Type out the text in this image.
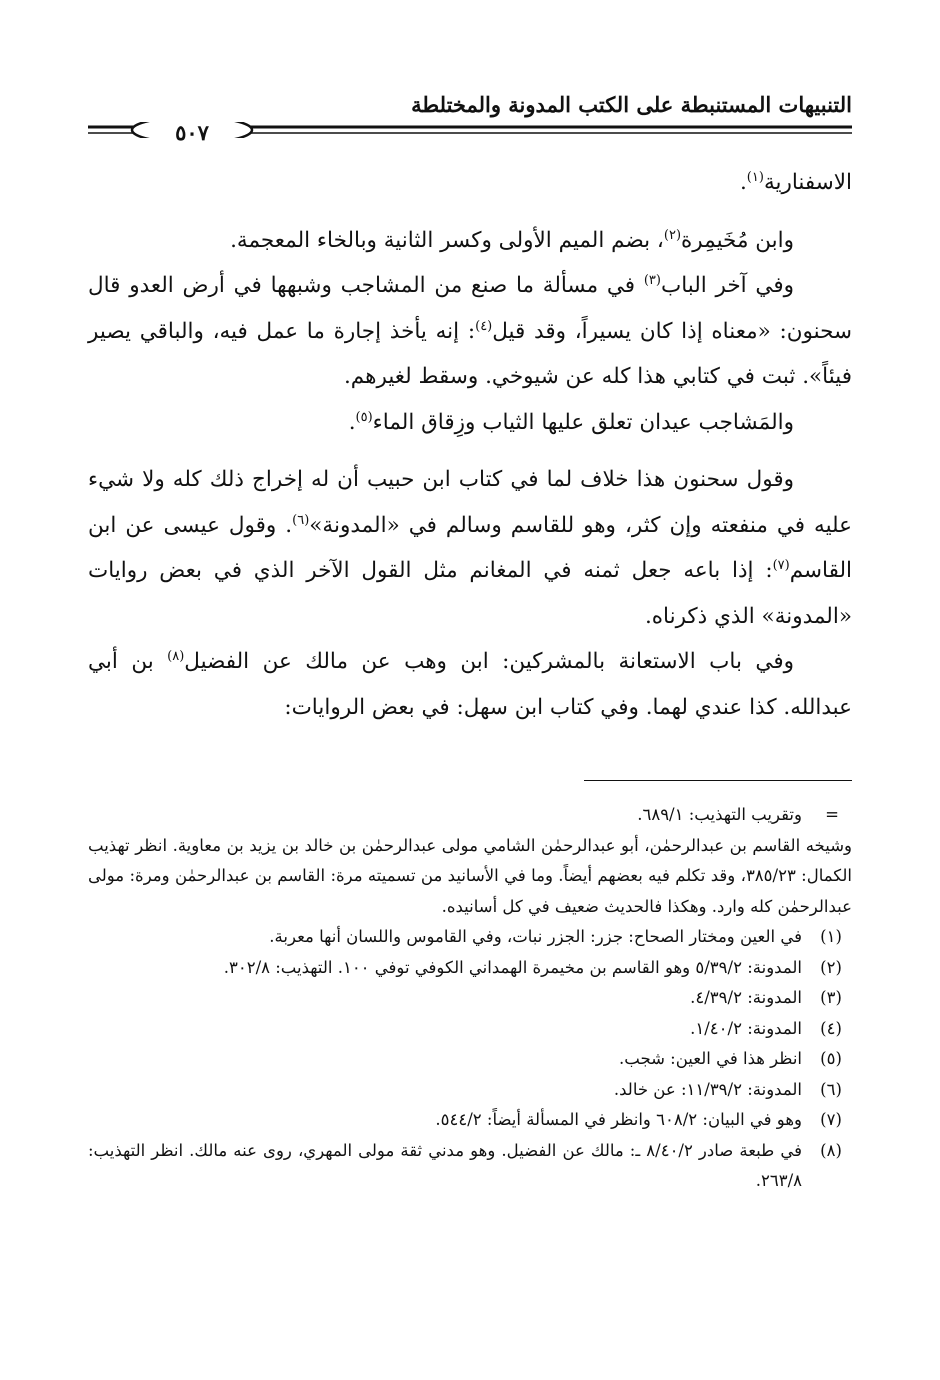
التنبيهات المستنبطة على الكتب المدونة والمختلطة
٥٠٧

الاسفنارية$^{(١)}$.

وابن مُخَيمِرة$^{(٢)}$، بضم الميم الأولى وكسر الثانية وبالخاء المعجمة.

وفي آخر الباب$^{(٣)}$ في مسألة ما صنع من المشاجب وشبهها في أرض العدو قال سحنون: «معناه إذا كان يسيراً، وقد قيل$^{(٤)}$: إنه يأخذ إجارة ما عمل فيه، والباقي يصير فيئاً». ثبت في كتابي هذا كله عن شيوخي. وسقط لغيرهم.

والمَشاجب عيدان تعلق عليها الثياب وزِقاق الماء$^{(٥)}$.

وقول سحنون هذا خلاف لما في كتاب ابن حبيب أن له إخراج ذلك كله ولا شيء عليه في منفعته وإن كثر، وهو للقاسم وسالم في «المدونة»$^{(٦)}$. وقول عيسى عن ابن القاسم$^{(٧)}$: إذا باعه جعل ثمنه في المغانم مثل القول الآخر الذي في بعض روايات «المدونة» الذي ذكرناه.

وفي باب الاستعانة بالمشركين: ابن وهب عن مالك عن الفضيل$^{(٨)}$ بن أبي عبدالله. كذا عندي لهما. وفي كتاب ابن سهل: في بعض الروايات:

=
وتقريب التهذيب: ٦٨٩/١.
وشيخه القاسم بن عبدالرحمٰن، أبو عبدالرحمٰن الشامي مولى عبدالرحمٰن بن خالد بن يزيد بن معاوية. انظر تهذيب الكمال: ٣٨٥/٢٣، وقد تكلم فيه بعضهم أيضاً. وما في الأسانيد من تسميته مرة: القاسم بن عبدالرحمٰن ومرة: مولى عبدالرحمٰن كله وارد. وهكذا فالحديث ضعيف في كل أسانيده.
(١)
في العين ومختار الصحاح: جزر: الجزر نبات، وفي القاموس واللسان أنها معربة.
(٢)
المدونة: ٥/٣٩/٢ وهو القاسم بن مخيمرة الهمداني الكوفي توفي ١٠٠. التهذيب: ٣٠٢/٨.
(٣)
المدونة: ٤/٣٩/٢.
(٤)
المدونة: ١/٤٠/٢.
(٥)
انظر هذا في العين: شجب.
(٦)
المدونة: ١١/٣٩/٢: عن خالد.
(٧)
وهو في البيان: ٦٠٨/٢ وانظر في المسألة أيضاً: ٥٤٤/٢.
(٨)
في طبعة صادر ٨/٤٠/٢ ـ: مالك عن الفضيل. وهو مدني ثقة مولى المهري، روى عنه مالك. انظر التهذيب: ٢٦٣/٨.
